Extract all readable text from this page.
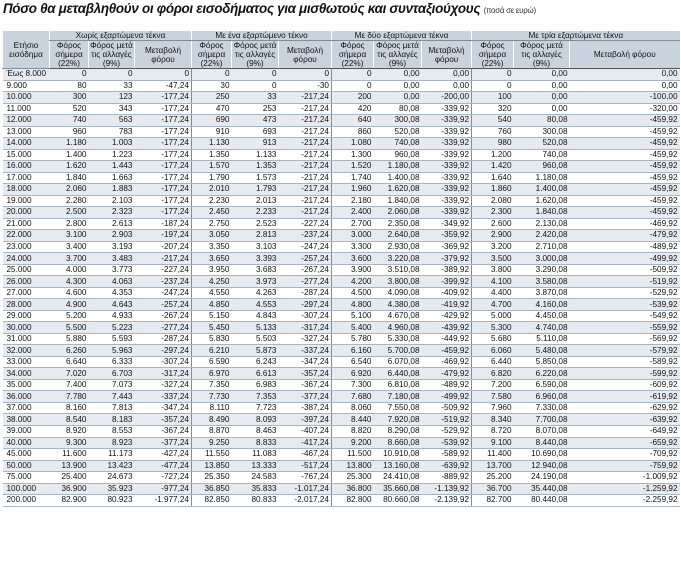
Πόσο θα μεταβληθούν οι φόροι εισοδήματος για μισθωτούς και συνταξιούχους (ποσά σε ευρώ)
Ετήσιο εισόδημα	Χωρίς εξαρτώμενα τέκνα			Με ένα εξαρτώμενο τέκνο			Με δύο εξαρτώμενα τέκνα			Με τρία εξαρτώμενα τέκνα		
	Φόρος σήμερα (22%)	Φόρος μετά τις αλλαγές (9%)	Μεταβολή φόρου	Φόρος σήμερα (22%)	Φόρος μετά τις αλλαγές (9%)	Μεταβολή φόρου	Φόρος σήμερα (22%)	Φόρος μετά τις αλλαγές (9%)	Μεταβολή φόρου	Φόρος σήμερα (22%)	Φόρος μετά τις αλλαγές (9%)	Μεταβολή φόρου
Έως 8.000	0	0	0	0	0	0	0	0,00	0,00	0	0,00	0,00
9.000	80	33	-47,24	30	0	-30	0	0,00	0,00	0	0,00	0,00
10.000	300	123	-177,24	250	33	-217,24	200	0,00	-200,00	100	0,00	-100,00
11.000	520	343	-177,24	470	253	-217,24	420	80,08	-339,92	320	0,00	-320,00
12.000	740	563	-177,24	690	473	-217,24	640	300,08	-339,92	540	80,08	-459,92
13.000	960	783	-177,24	910	693	-217,24	860	520,08	-339,92	760	300,08	-459,92
14.000	1.180	1.003	-177,24	1.130	913	-217,24	1.080	740,08	-339,92	980	520,08	-459,92
15.000	1.400	1.223	-177,24	1.350	1.133	-217,24	1.300	960,08	-339,92	1.200	740,08	-459,92
16.000	1.620	1.443	-177,24	1.570	1.353	-217,24	1.520	1.180,08	-339,92	1.420	960,08	-459,92
17.000	1.840	1.663	-177,24	1.790	1.573	-217,24	1.740	1.400,08	-339,92	1.640	1.180,08	-459,92
18.000	2.060	1.883	-177,24	2.010	1.793	-217,24	1.960	1.620,08	-339,92	1.860	1.400,08	-459,92
19.000	2.280	2.103	-177,24	2.230	2.013	-217,24	2.180	1.840,08	-339,92	2.080	1.620,08	-459,92
20.000	2.500	2.323	-177,24	2.450	2.233	-217,24	2.400	2.060,08	-339,92	2.300	1.840,08	-459,92
21.000	2.800	2.613	-187,24	2.750	2.523	-227,24	2.700	2.350,08	-349,92	2.600	2.130,08	-469,92
22.000	3.100	2.903	-197,24	3.050	2.813	-237,24	3.000	2.640,08	-359,92	2.900	2.420,08	-479,92
23.000	3.400	3.193	-207,24	3.350	3.103	-247,24	3.300	2.930,08	-369,92	3.200	2.710,08	-489,92
24.000	3.700	3.483	-217,24	3.650	3.393	-257,24	3.600	3.220,08	-379,92	3.500	3.000,08	-499,92
25.000	4.000	3.773	-227,24	3.950	3.683	-267,24	3.900	3.510,08	-389,92	3.800	3.290,08	-509,92
26.000	4.300	4.063	-237,24	4.250	3.973	-277,24	4.200	3.800,08	-399,92	4.100	3.580,08	-519,92
27.000	4.600	4.353	-247,24	4.550	4.263	-287,24	4.500	4.090,08	-409,92	4.400	3.870,08	-529,92
28.000	4.900	4.643	-257,24	4.850	4.553	-297,24	4.800	4.380,08	-419,92	4.700	4.160,08	-539,92
29.000	5.200	4.933	-267,24	5.150	4.843	-307,24	5.100	4.670,08	-429,92	5.000	4.450,08	-549,92
30.000	5.500	5.223	-277,24	5.450	5.133	-317,24	5.400	4.960,08	-439,92	5.300	4.740,08	-559,92
31.000	5.880	5.593	-287,24	5.830	5.503	-327,24	5.780	5.330,08	-449,92	5.680	5.110,08	-569,92
32.000	6.260	5.963	-297,24	6.210	5.873	-337,24	6.160	5.700,08	-459,92	6.060	5.480,08	-579,92
33.000	6.640	6.333	-307,24	6.590	6.243	-347,24	6.540	6.070,08	-469,92	6.440	5.850,08	-589,92
34.000	7.020	6.703	-317,24	6.970	6.613	-357,24	6.920	6.440,08	-479,92	6.820	6.220,08	-599,92
35.000	7.400	7.073	-327,24	7.350	6.983	-367,24	7.300	6.810,08	-489,92	7.200	6.590,08	-609,92
36.000	7.780	7.443	-337,24	7.730	7.353	-377,24	7.680	7.180,08	-499,92	7.580	6.960,08	-619,92
37.000	8.160	7.813	-347,24	8.110	7.723	-387,24	8.060	7.550,08	-509,92	7.960	7.330,08	-629,92
38.000	8.540	8.183	-357,24	8.490	8.093	-397,24	8.440	7.920,08	-519,92	8.340	7.700,08	-639,92
39.000	8.920	8.553	-367,24	8.870	8.463	-407,24	8.820	8.290,08	-529,92	8.720	8.070,08	-649,92
40.000	9.300	8.923	-377,24	9.250	8.833	-417,24	9.200	8.660,08	-539,92	9.100	8.440,08	-659,92
45.000	11.600	11.173	-427,24	11.550	11.083	-467,24	11.500	10.910,08	-589,92	11.400	10.690,08	-709,92
50.000	13.900	13.423	-477,24	13.850	13.333	-517,24	13.800	13.160,08	-639,92	13.700	12.940,08	-759,92
75.000	25.400	24.673	-727,24	25.350	24.583	-767,24	25.300	24.410,08	-889,92	25.200	24.190,08	-1.009,92
100.000	36.900	35.923	-977,24	36.850	35.833	-1.017,24	36.800	35.660,08	-1.139,92	36.700	35.440,08	-1.259,92
200.000	82.900	80.923	-1.977,24	82.850	80.833	-2.017,24	82.800	80.660,08	-2.139,92	82.700	80.440,08	-2.259,92
